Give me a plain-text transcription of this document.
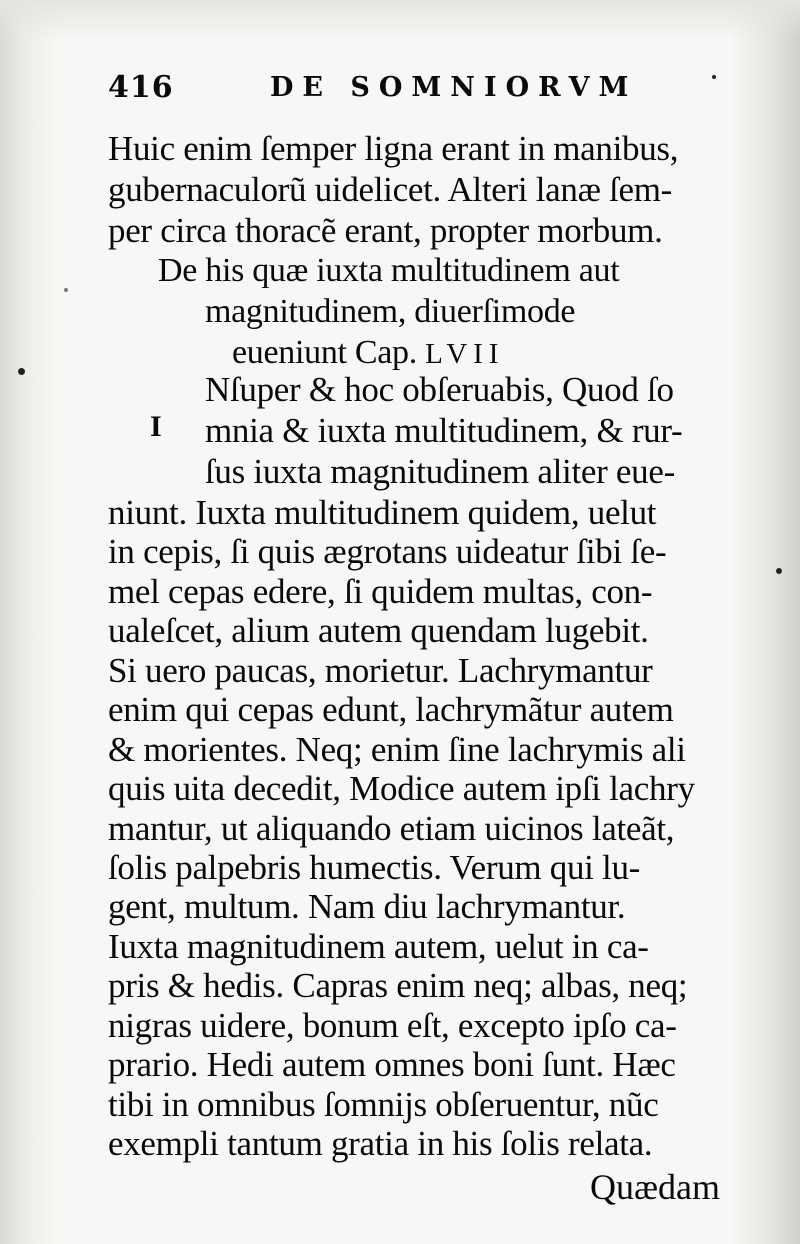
416	DE SOMNIORVM
Huic enim ſemper ligna erant in manibus,
gubernaculorũ uidelicet. Alteri lanæ ſem-
per circa thoracẽ erant, propter morbum.
De his quæ iuxta multitudinem aut
magnitudinem, diuerſimode
eueniunt Cap. LVII
I
Nſuper & hoc obſeruabis, Quod ſo
mnia & iuxta multitudinem, & rur-
ſus iuxta magnitudinem aliter eue-
niunt. Iuxta multitudinem quidem, uelut
in cepis, ſi quis ægrotans uideatur ſibi ſe-
mel cepas edere, ſi quidem multas, con-
ualeſcet, alium autem quendam lugebit.
Si uero paucas, morietur. Lachrymantur
enim qui cepas edunt, lachrymãtur autem
& morientes. Neq; enim ſine lachrymis ali
quis uita decedit, Modice autem ipſi lachry
mantur, ut aliquando etiam uicinos lateãt,
ſolis palpebris humectis. Verum qui lu-
gent, multum. Nam diu lachrymantur.
Iuxta magnitudinem autem, uelut in ca-
pris & hedis. Capras enim neq; albas, neq;
nigras uidere, bonum eſt, excepto ipſo ca-
prario. Hedi autem omnes boni ſunt. Hæc
tibi in omnibus ſomnijs obſeruentur, nũc
exempli tantum gratia in his ſolis relata.
Quædam
